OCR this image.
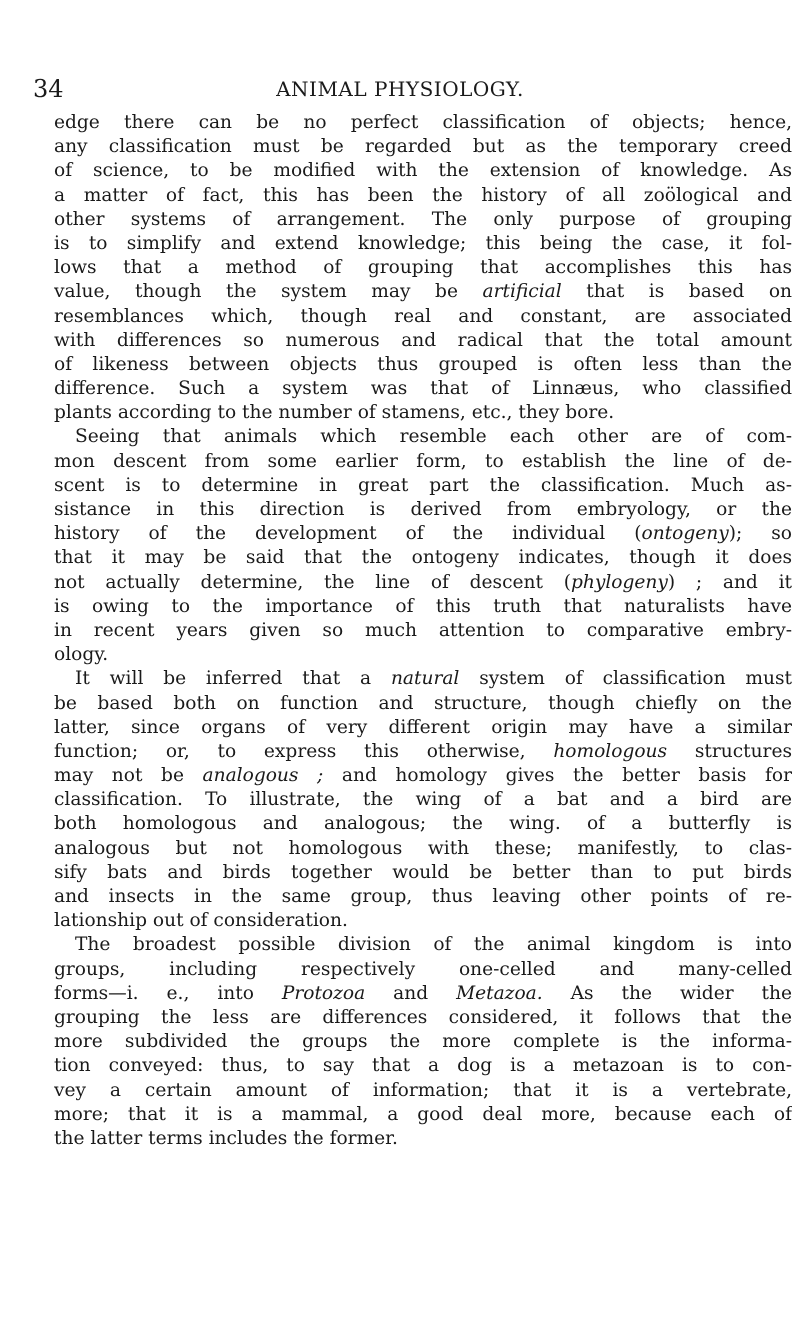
34	ANIMAL PHYSIOLOGY.
edge there can be no perfect classification of objects; hence,
any classification must be regarded but as the temporary creed
of science, to be modified with the extension of knowledge. As
a matter of fact, this has been the history of all zoölogical and
other systems of arrangement. The only purpose of grouping
is to simplify and extend knowledge; this being the case, it fol-
lows that a method of grouping that accomplishes this has
value, though the system may be artificial that is based on
resemblances which, though real and constant, are associated
with differences so numerous and radical that the total amount
of likeness between objects thus grouped is often less than the
difference. Such a system was that of Linnæus, who classified
plants according to the number of stamens, etc., they bore.
Seeing that animals which resemble each other are of com-
mon descent from some earlier form, to establish the line of de-
scent is to determine in great part the classification. Much as-
sistance in this direction is derived from embryology, or the
history of the development of the individual (ontogeny); so
that it may be said that the ontogeny indicates, though it does
not actually determine, the line of descent (phylogeny) ; and it
is owing to the importance of this truth that naturalists have
in recent years given so much attention to comparative embry-
ology.
It will be inferred that a natural system of classification must
be based both on function and structure, though chiefly on the
latter, since organs of very different origin may have a similar
function; or, to express this otherwise, homologous structures
may not be analogous ; and homology gives the better basis for
classification. To illustrate, the wing of a bat and a bird are
both homologous and analogous; the wing. of a butterfly is
analogous but not homologous with these; manifestly, to clas-
sify bats and birds together would be better than to put birds
and insects in the same group, thus leaving other points of re-
lationship out of consideration.
The broadest possible division of the animal kingdom is into
groups, including respectively one-celled and many-celled
forms—i. e., into Protozoa and Metazoa. As the wider the
grouping the less are differences considered, it follows that the
more subdivided the groups the more complete is the informa-
tion conveyed: thus, to say that a dog is a metazoan is to con-
vey a certain amount of information; that it is a vertebrate,
more; that it is a mammal, a good deal more, because each of
the latter terms includes the former.
